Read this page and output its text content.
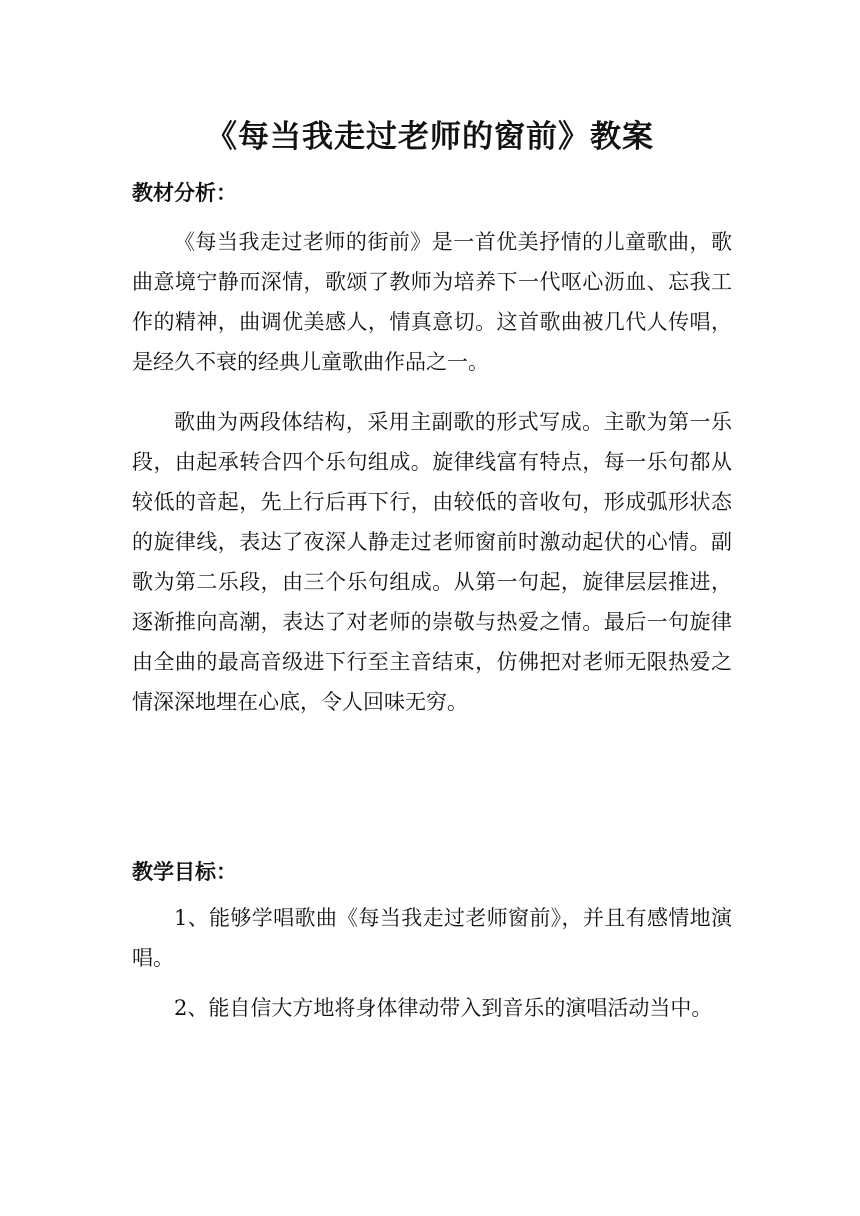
《每当我走过老师的窗前》教案
教材分析：

《每当我走过老师的街前》是一首优美抒情的儿童歌曲，歌曲意境宁静而深情，歌颂了教师为培养下一代呕心沥血、忘我工作的精神，曲调优美感人，情真意切。这首歌曲被几代人传唱，是经久不衰的经典儿童歌曲作品之一。

歌曲为两段体结构，采用主副歌的形式写成。主歌为第一乐段，由起承转合四个乐句组成。旋律线富有特点，每一乐句都从较低的音起，先上行后再下行，由较低的音收句，形成弧形状态的旋律线，表达了夜深人静走过老师窗前时激动起伏的心情。副歌为第二乐段，由三个乐句组成。从第一句起，旋律层层推进，逐渐推向高潮，表达了对老师的崇敬与热爱之情。最后一句旋律由全曲的最高音级进下行至主音结束，仿佛把对老师无限热爱之情深深地埋在心底，令人回味无穷。

教学目标：

1、能够学唱歌曲《每当我走过老师窗前》，并且有感情地演唱。

2、能自信大方地将身体律动带入到音乐的演唱活动当中。
